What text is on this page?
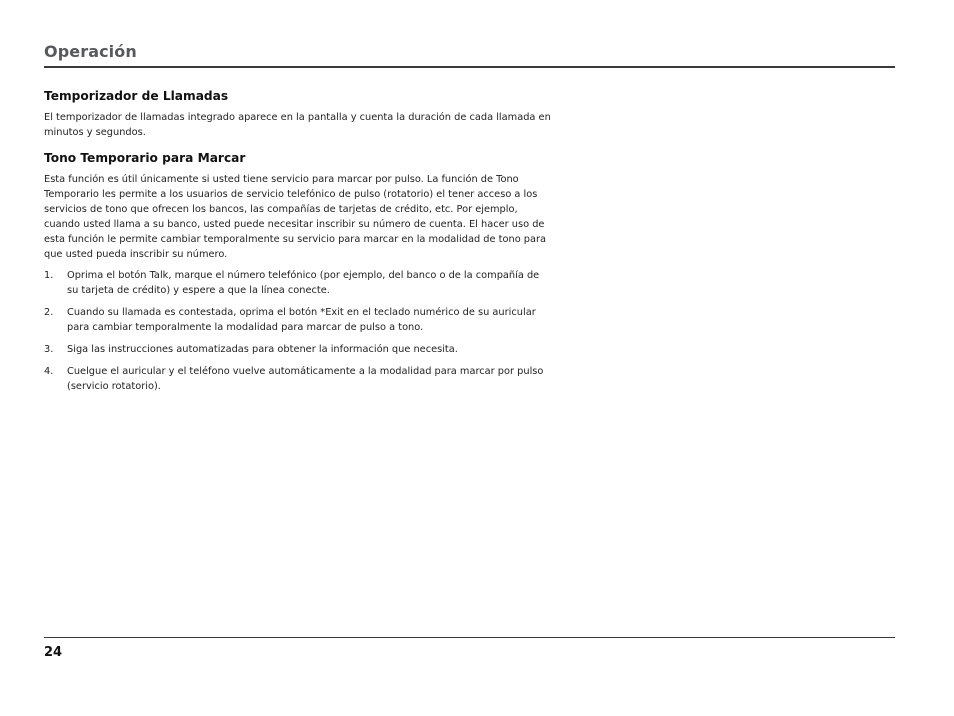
Operación
Temporizador de Llamadas

El temporizador de llamadas integrado aparece en la pantalla y cuenta la duración de cada llamada en minutos y segundos.

Tono Temporario para Marcar

Esta función es útil únicamente si usted tiene servicio para marcar por pulso. La función de Tono Temporario les permite a los usuarios de servicio telefónico de pulso (rotatorio) el tener acceso a los servicios de tono que ofrecen los bancos, las compañías de tarjetas de crédito, etc. Por ejemplo, cuando usted llama a su banco, usted puede necesitar inscribir su número de cuenta. El hacer uso de esta función le permite cambiar temporalmente su servicio para marcar en la modalidad de tono para que usted pueda inscribir su número.

1. Oprima el botón Talk, marque el número telefónico (por ejemplo, del banco o de la compañía de su tarjeta de crédito) y espere a que la línea conecte.
2. Cuando su llamada es contestada, oprima el botón *Exit en el teclado numérico de su auricular para cambiar temporalmente la modalidad para marcar de pulso a tono.
3. Siga las instrucciones automatizadas para obtener la información que necesita.
4. Cuelgue el auricular y el teléfono vuelve automáticamente a la modalidad para marcar por pulso (servicio rotatorio).
24
